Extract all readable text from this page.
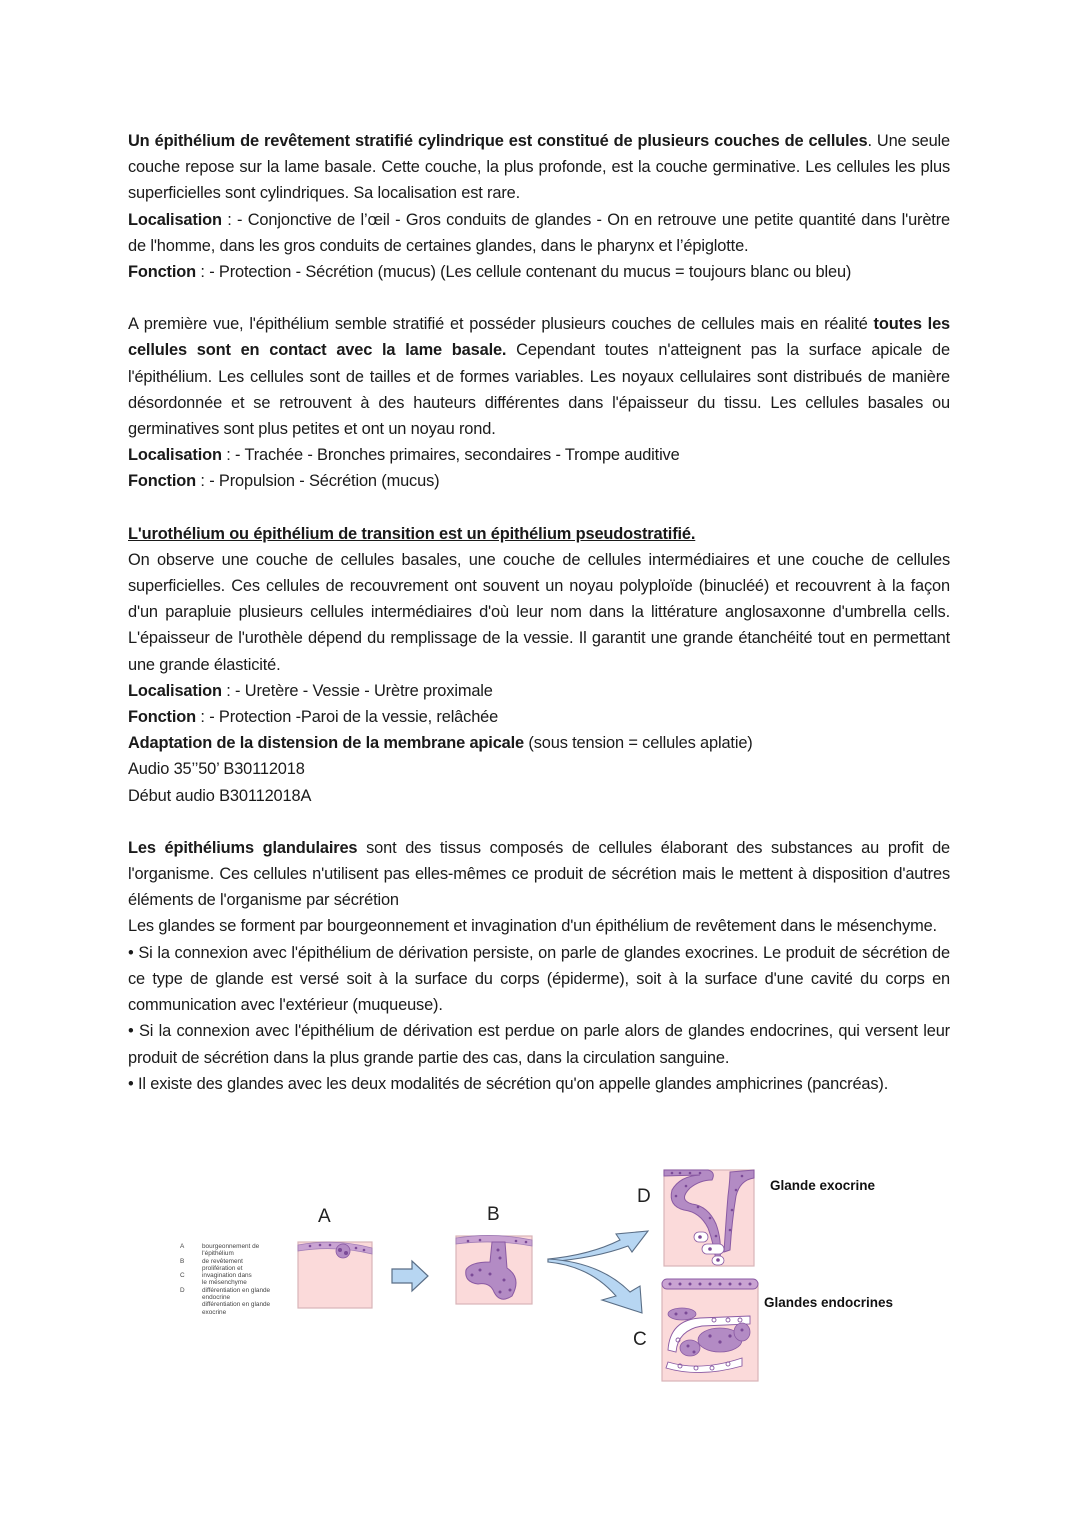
Un épithélium de revêtement stratifié cylindrique est constitué de plusieurs couches de cellules. Une seule couche repose sur la lame basale. Cette couche, la plus profonde, est la couche germinative. Les cellules les plus superficielles sont cylindriques. Sa localisation est rare.
Localisation : - Conjonctive de l’œil - Gros conduits de glandes - On en retrouve une petite quantité dans l'urètre de l'homme, dans les gros conduits de certaines glandes, dans le pharynx et l’épiglotte.
Fonction : - Protection - Sécrétion (mucus) (Les cellule contenant du mucus = toujours blanc ou bleu)

A première vue, l'épithélium semble stratifié et posséder plusieurs couches de cellules mais en réalité toutes les cellules sont en contact avec la lame basale. Cependant toutes n'atteignent pas la surface apicale de l'épithélium. Les cellules sont de tailles et de formes variables. Les noyaux cellulaires sont distribués de manière désordonnée et se retrouvent à des hauteurs différentes dans l'épaisseur du tissu. Les cellules basales ou germinatives sont plus petites et ont un noyau rond.
Localisation : - Trachée - Bronches primaires, secondaires - Trompe auditive
Fonction : - Propulsion - Sécrétion (mucus)

L'urothélium ou épithélium de transition est un épithélium pseudostratifié.
On observe une couche de cellules basales, une couche de cellules intermédiaires et une couche de cellules superficielles. Ces cellules de recouvrement ont souvent un noyau polyploïde (binucléé) et recouvrent à la façon d'un parapluie plusieurs cellules intermédiaires d'où leur nom dans la littérature anglosaxonne d'umbrella cells. L'épaisseur de l'urothèle dépend du remplissage de la vessie. Il garantit une grande étanchéité tout en permettant une grande élasticité.
Localisation : - Uretère - Vessie - Urètre proximale
Fonction : - Protection -Paroi de la vessie, relâchée
Adaptation de la distension de la membrane apicale (sous tension = cellules aplatie)
Audio 35’’50’ B30112018
Début audio B30112018A

Les épithéliums glandulaires sont des tissus composés de cellules élaborant des substances au profit de l'organisme. Ces cellules n'utilisent pas elles-mêmes ce produit de sécrétion mais le mettent à disposition d'autres éléments de l'organisme par sécrétion
Les glandes se forment par bourgeonnement et invagination d'un épithélium de revêtement dans le mésenchyme.
• Si la connexion avec l'épithélium de dérivation persiste, on parle de glandes exocrines. Le produit de sécrétion de ce type de glande est versé soit à la surface du corps (épiderme), soit à la surface d'une cavité du corps en communication avec l'extérieur (muqueuse).
• Si la connexion avec l'épithélium de dérivation est perdue on parle alors de glandes endocrines, qui versent leur produit de sécrétion dans la plus grande partie des cas, dans la circulation sanguine.
• Il existe des glandes avec les deux modalités de sécrétion qu'on appelle glandes amphicrines (pancréas).

A
B
C
D
bourgeonnement de
l'épithélium
de revêtement
prolifération et
invagination dans
le mésenchyme
différentiation en glande
endocrine
différentiation en glande
exocrine
A	B
D
C
Glande exocrine
Glandes endocrines
